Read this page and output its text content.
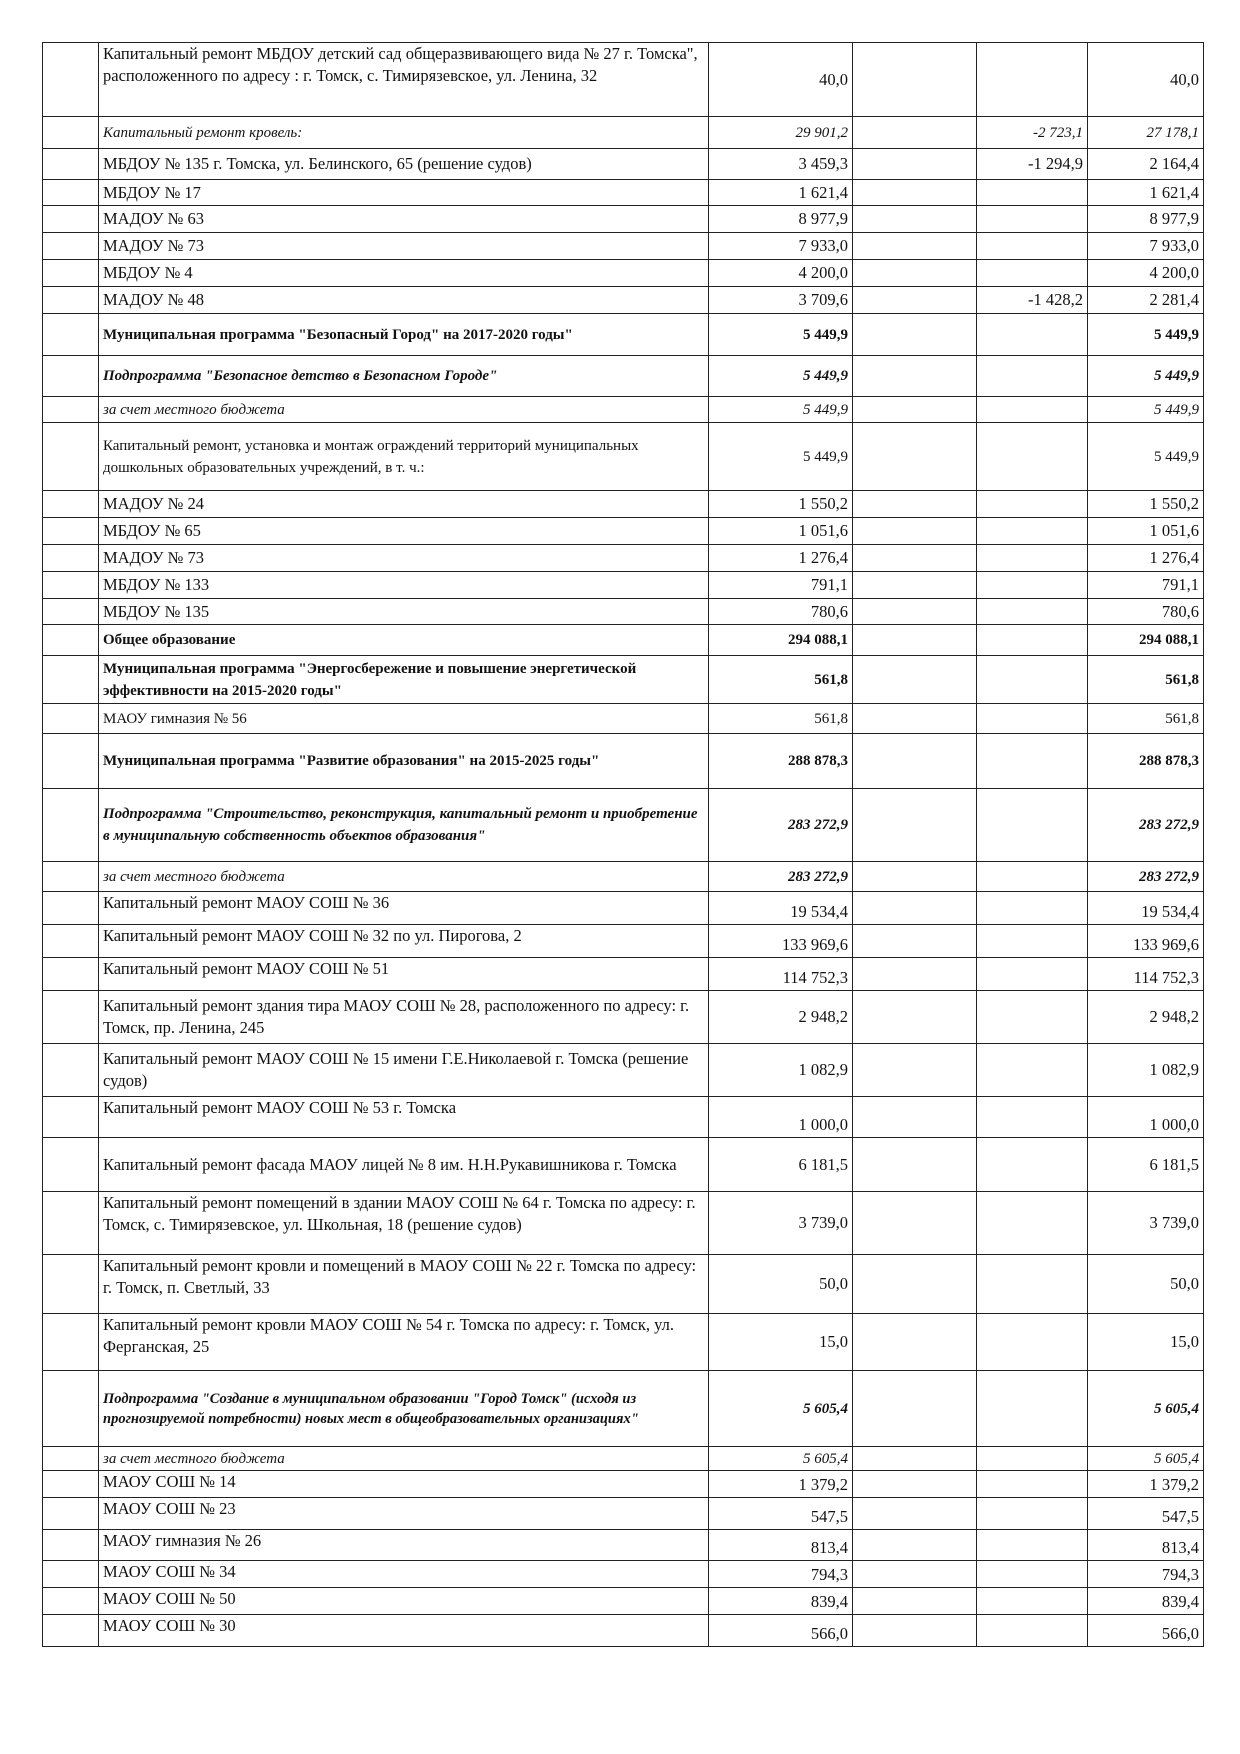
	Капитальный ремонт МБДОУ детский сад общеразвивающего вида № 27 г. Томска", расположенного по адресу : г. Томск, с. Тимирязевское, ул. Ленина, 32	40,0			40,0
	Капитальный ремонт кровель:	29 901,2		-2 723,1	27 178,1
	МБДОУ № 135 г. Томска, ул. Белинского, 65 (решение судов)	3 459,3		-1 294,9	2 164,4
	МБДОУ № 17	1 621,4			1 621,4
	МАДОУ № 63	8 977,9			8 977,9
	МАДОУ № 73	7 933,0			7 933,0
	МБДОУ № 4	4 200,0			4 200,0
	МАДОУ № 48	3 709,6		-1 428,2	2 281,4
	Муниципальная программа "Безопасный Город" на 2017-2020 годы"	5 449,9			5 449,9
	Подпрограмма "Безопасное детство в Безопасном Городе"	5 449,9			5 449,9
	за счет местного бюджета	5 449,9			5 449,9
	Капитальный ремонт, установка и монтаж ограждений территорий муниципальных дошкольных образовательных учреждений, в т. ч.:	5 449,9			5 449,9
	МАДОУ № 24	1 550,2			1 550,2
	МБДОУ № 65	1 051,6			1 051,6
	МАДОУ № 73	1 276,4			1 276,4
	МБДОУ № 133	791,1			791,1
	МБДОУ № 135	780,6			780,6
	Общее образование	294 088,1			294 088,1
	Муниципальная программа "Энергосбережение и повышение энергетической эффективности на 2015-2020 годы"	561,8			561,8
	МАОУ гимназия № 56	561,8			561,8
	Муниципальная программа "Развитие образования" на 2015-2025 годы"	288 878,3			288 878,3
	Подпрограмма "Строительство, реконструкция, капитальный ремонт и приобретение в муниципальную собственность объектов образования"	283 272,9			283 272,9
	за счет местного бюджета	283 272,9			283 272,9
	Капитальный ремонт МАОУ СОШ № 36	19 534,4			19 534,4
	Капитальный ремонт МАОУ СОШ № 32 по ул. Пирогова, 2	133 969,6			133 969,6
	Капитальный ремонт МАОУ СОШ № 51	114 752,3			114 752,3
	Капитальный ремонт здания тира МАОУ СОШ № 28, расположенного по адресу: г. Томск, пр. Ленина, 245	2 948,2			2 948,2
	Капитальный ремонт МАОУ СОШ № 15 имени Г.Е.Николаевой г. Томска (решение судов)	1 082,9			1 082,9
	Капитальный ремонт МАОУ СОШ № 53 г. Томска	1 000,0			1 000,0
	Капитальный ремонт фасада МАОУ лицей № 8 им. Н.Н.Рукавишникова г. Томска	6 181,5			6 181,5
	Капитальный ремонт помещений в здании МАОУ СОШ № 64 г. Томска по адресу: г. Томск, с. Тимирязевское, ул. Школьная, 18 (решение судов)	3 739,0			3 739,0
	Капитальный ремонт кровли и помещений в МАОУ СОШ № 22 г. Томска по адресу: г. Томск, п. Светлый, 33	50,0			50,0
	Капитальный ремонт кровли МАОУ СОШ № 54 г. Томска по адресу: г. Томск, ул. Ферганская, 25	15,0			15,0
	Подпрограмма "Создание в муниципальном образовании "Город Томск" (исходя из прогнозируемой потребности) новых мест в общеобразовательных организациях"	5 605,4			5 605,4
	за счет местного бюджета	5 605,4			5 605,4
	МАОУ СОШ № 14	1 379,2			1 379,2
	МАОУ СОШ № 23	547,5			547,5
	МАОУ гимназия № 26	813,4			813,4
	МАОУ СОШ № 34	794,3			794,3
	МАОУ СОШ № 50	839,4			839,4
	МАОУ СОШ № 30	566,0			566,0
